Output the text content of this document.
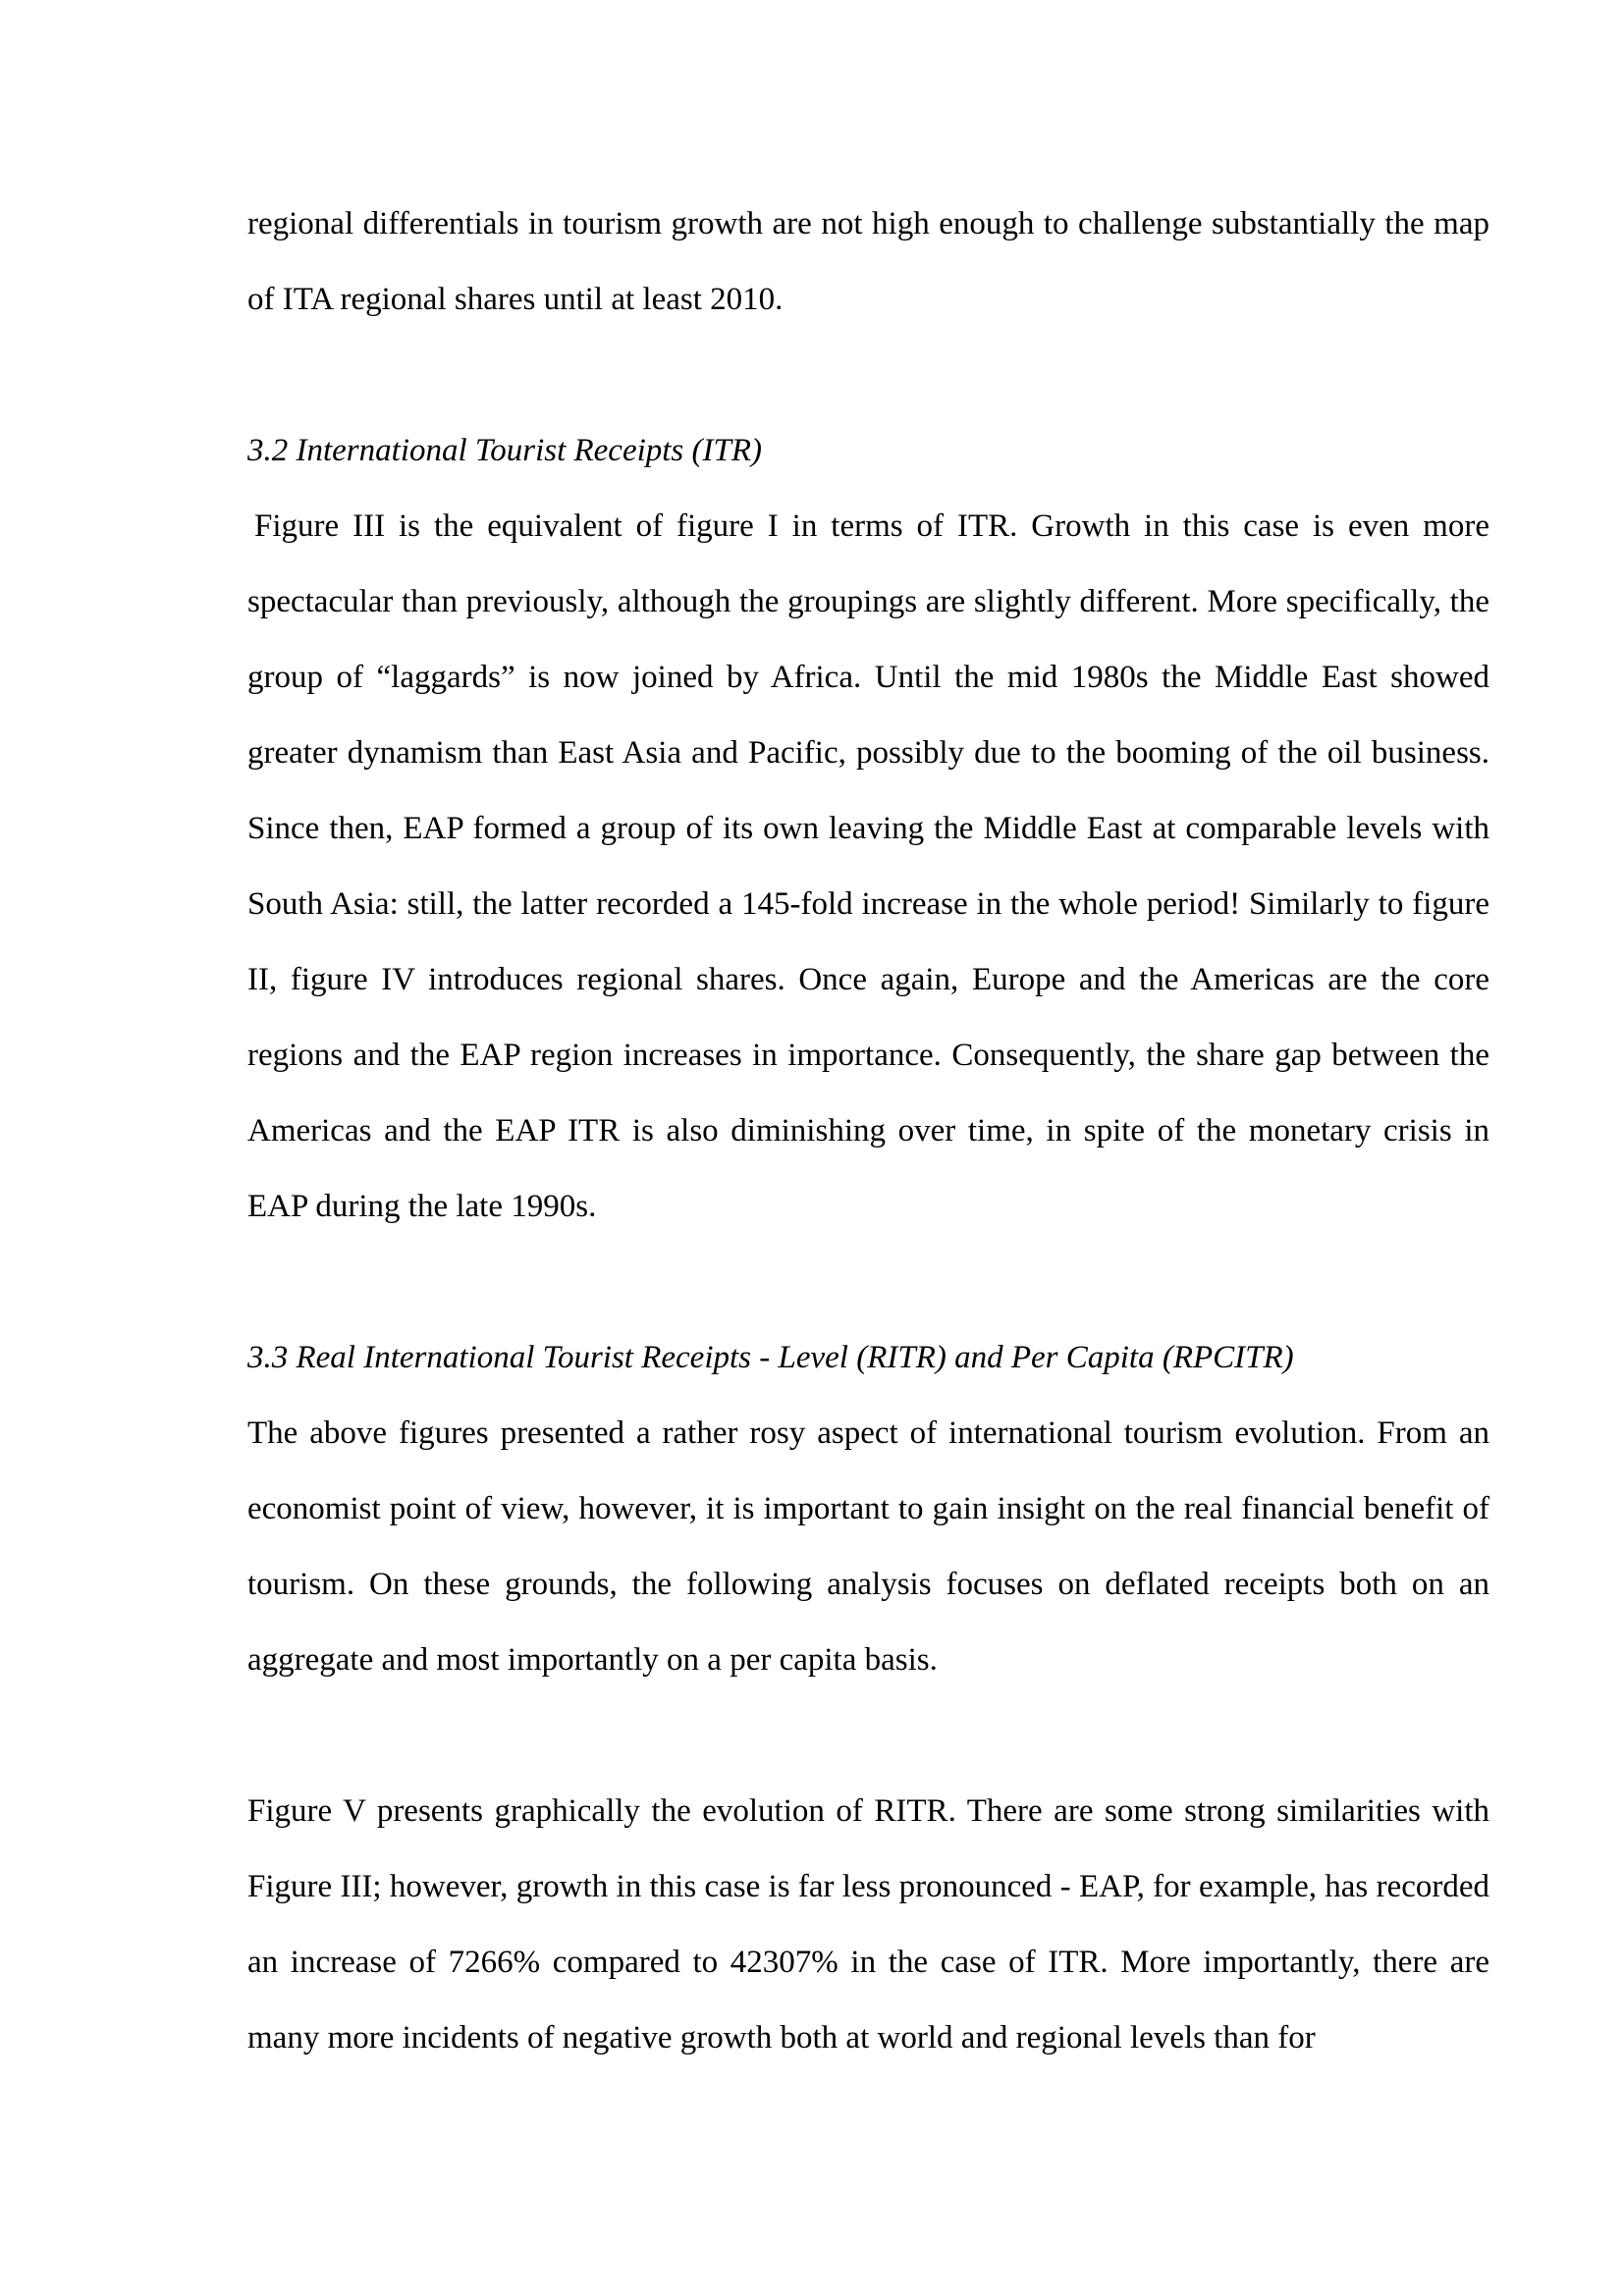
regional differentials in tourism growth are not high enough to challenge substantially the map of ITA regional shares until at least 2010.

3.2 International Tourist Receipts (ITR)

Figure III is the equivalent of figure I in terms of ITR. Growth in this case is even more spectacular than previously, although the groupings are slightly different. More specifically, the group of “laggards” is now joined by Africa. Until the mid 1980s the Middle East showed greater dynamism than East Asia and Pacific, possibly due to the booming of the oil business. Since then, EAP formed a group of its own leaving the Middle East at comparable levels with South Asia: still, the latter recorded a 145-fold increase in the whole period! Similarly to figure II, figure IV introduces regional shares. Once again, Europe and the Americas are the core regions and the EAP region increases in importance. Consequently, the share gap between the Americas and the EAP ITR is also diminishing over time, in spite of the monetary crisis in EAP during the late 1990s.

3.3 Real International Tourist Receipts - Level (RITR) and Per Capita (RPCITR)

The above figures presented a rather rosy aspect of international tourism evolution. From an economist point of view, however, it is important to gain insight on the real financial benefit of tourism. On these grounds, the following analysis focuses on deflated receipts both on an aggregate and most importantly on a per capita basis.

Figure V presents graphically the evolution of RITR. There are some strong similarities with Figure III; however, growth in this case is far less pronounced - EAP, for example, has recorded an increase of 7266% compared to 42307% in the case of ITR. More importantly, there are many more incidents of negative growth both at world and regional levels than for
